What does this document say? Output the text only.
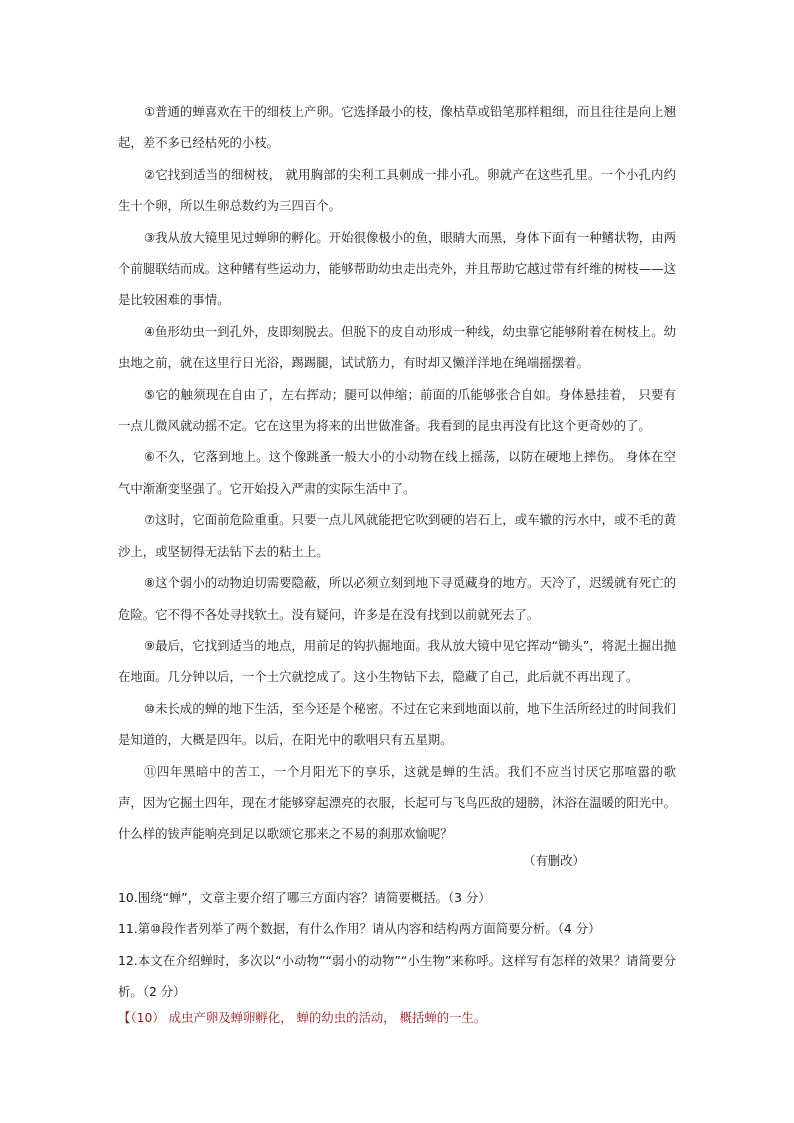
①普通的蝉喜欢在干的细枝上产卵。它选择最小的枝，像枯草或铅笔那样粗细，而且往往是向上翘起，差不多已经枯死的小枝。

②它找到适当的细树枝， 就用胸部的尖利工具刺成一排小孔。卵就产在这些孔里。一个小孔内约生十个卵，所以生卵总数约为三四百个。

③我从放大镜里见过蝉卵的孵化。开始很像极小的鱼，眼睛大而黑，身体下面有一种鳍状物，由两个前腿联结而成。这种鳍有些运动力，能够帮助幼虫走出壳外，并且帮助它越过带有纤维的树枝——这是比较困难的事情。

④鱼形幼虫一到孔外，皮即刻脱去。但脱下的皮自动形成一种线，幼虫靠它能够附着在树枝上。幼虫地之前，就在这里行日光浴，踢踢腿，试试筋力，有时却又懒洋洋地在绳端摇摆着。

⑤它的触须现在自由了，左右挥动；腿可以伸缩；前面的爪能够张合自如。身体悬挂着， 只要有一点儿微风就动摇不定。它在这里为将来的出世做准备。我看到的昆虫再没有比这个更奇妙的了。

⑥不久，它落到地上。这个像跳蚤一般大小的小动物在线上摇荡，以防在硬地上摔伤。 身体在空气中渐渐变坚强了。它开始投入严肃的实际生活中了。

⑦这时，它面前危险重重。只要一点儿风就能把它吹到硬的岩石上，或车辙的污水中，或不毛的黄沙上，或坚韧得无法钻下去的粘土上。

⑧这个弱小的动物迫切需要隐蔽，所以必须立刻到地下寻觅藏身的地方。天冷了，迟缓就有死亡的危险。它不得不各处寻找软土。没有疑问，许多是在没有找到以前就死去了。

⑨最后，它找到适当的地点，用前足的钩扒掘地面。我从放大镜中见它挥动“锄头”，将泥土掘出抛在地面。几分钟以后，一个土穴就挖成了。这小生物钻下去，隐藏了自己，此后就不再出现了。

⑩未长成的蝉的地下生活，至今还是个秘密。不过在它来到地面以前，地下生活所经过的时间我们是知道的，大概是四年。以后，在阳光中的歌唱只有五星期。

⑪四年黑暗中的苦工，一个月阳光下的享乐，这就是蝉的生活。我们不应当讨厌它那喧嚣的歌声，因为它掘土四年，现在才能够穿起漂亮的衣服，长起可与飞鸟匹敌的翅膀，沐浴在温暖的阳光中。什么样的钹声能响亮到足以歌颂它那来之不易的刹那欢愉呢？

（有删改）

10.围绕“蝉”，文章主要介绍了哪三方面内容？请简要概括。（3 分）

11.第⑩段作者列举了两个数据，有什么作用？请从内容和结构两方面简要分析。（4 分）

12.本文在介绍蝉时，多次以“小动物”“弱小的动物”“小生物”来称呼。这样写有怎样的效果？请简要分析。（2 分）

【（10） 成虫产卵及蝉卵孵化， 蝉的幼虫的活动， 概括蝉的一生。
